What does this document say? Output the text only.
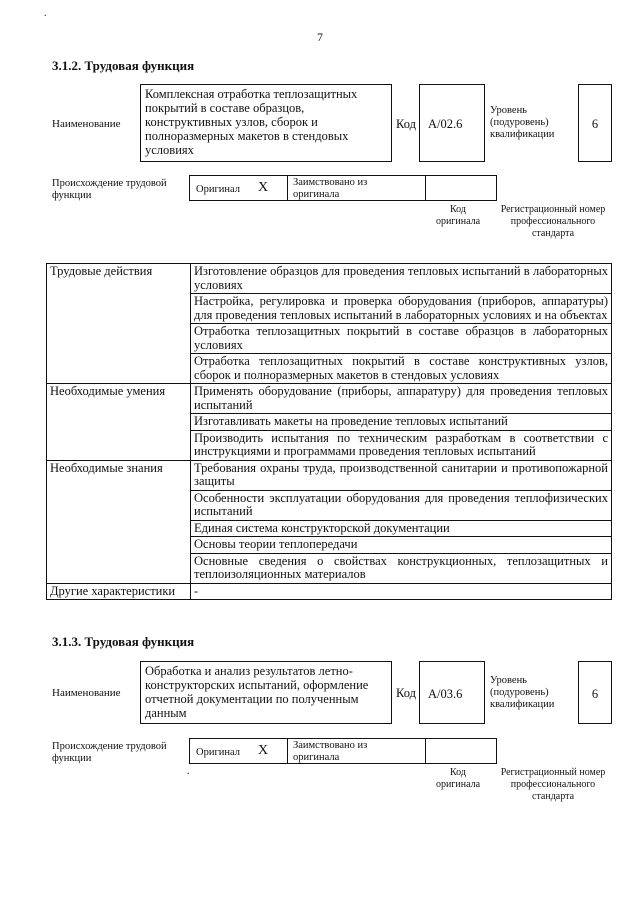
.
7
3.1.2. Трудовая функция
Наименование
Комплексная отработка теплозащитных покрытий в составе образцов, конструктивных узлов, сборок и полноразмерных макетов в стендовых условиях
Код A/02.6
Уровень (подуровень) квалификации
6
Происхождение трудовой функции
Оригинал X Заимствовано из оригинала
Код оригинала
Регистрационный номер профессионального стандарта
Трудовые действия	Изготовление образцов для проведения тепловых испытаний в лабораторных условиях
	Настройка, регулировка и проверка оборудования (приборов, аппаратуры) для проведения тепловых испытаний в лабораторных условиях и на объектах
	Отработка теплозащитных покрытий в составе образцов в лабораторных условиях
	Отработка теплозащитных покрытий в составе конструктивных узлов, сборок и полноразмерных макетов в стендовых условиях
Необходимые умения	Применять оборудование (приборы, аппаратуру) для проведения тепловых испытаний
	Изготавливать макеты на проведение тепловых испытаний
	Производить испытания по техническим разработкам в соответствии с инструкциями и программами проведения тепловых испытаний
Необходимые знания	Требования охраны труда, производственной санитарии и противопожарной защиты
	Особенности эксплуатации оборудования для проведения теплофизических испытаний
	Единая система конструкторской документации
	Основы теории теплопередачи
	Основные сведения о свойствах конструкционных, теплозащитных и теплоизоляционных материалов
Другие характеристики	-
3.1.3. Трудовая функция
Наименование
Обработка и анализ результатов летно-конструкторских испытаний, оформление отчетной документации по полученным данным
Код A/03.6
Уровень (подуровень) квалификации
6
Происхождение трудовой функции
Оригинал X Заимствовано из оригинала
.	Код оригинала
Регистрационный номер профессионального стандарта
